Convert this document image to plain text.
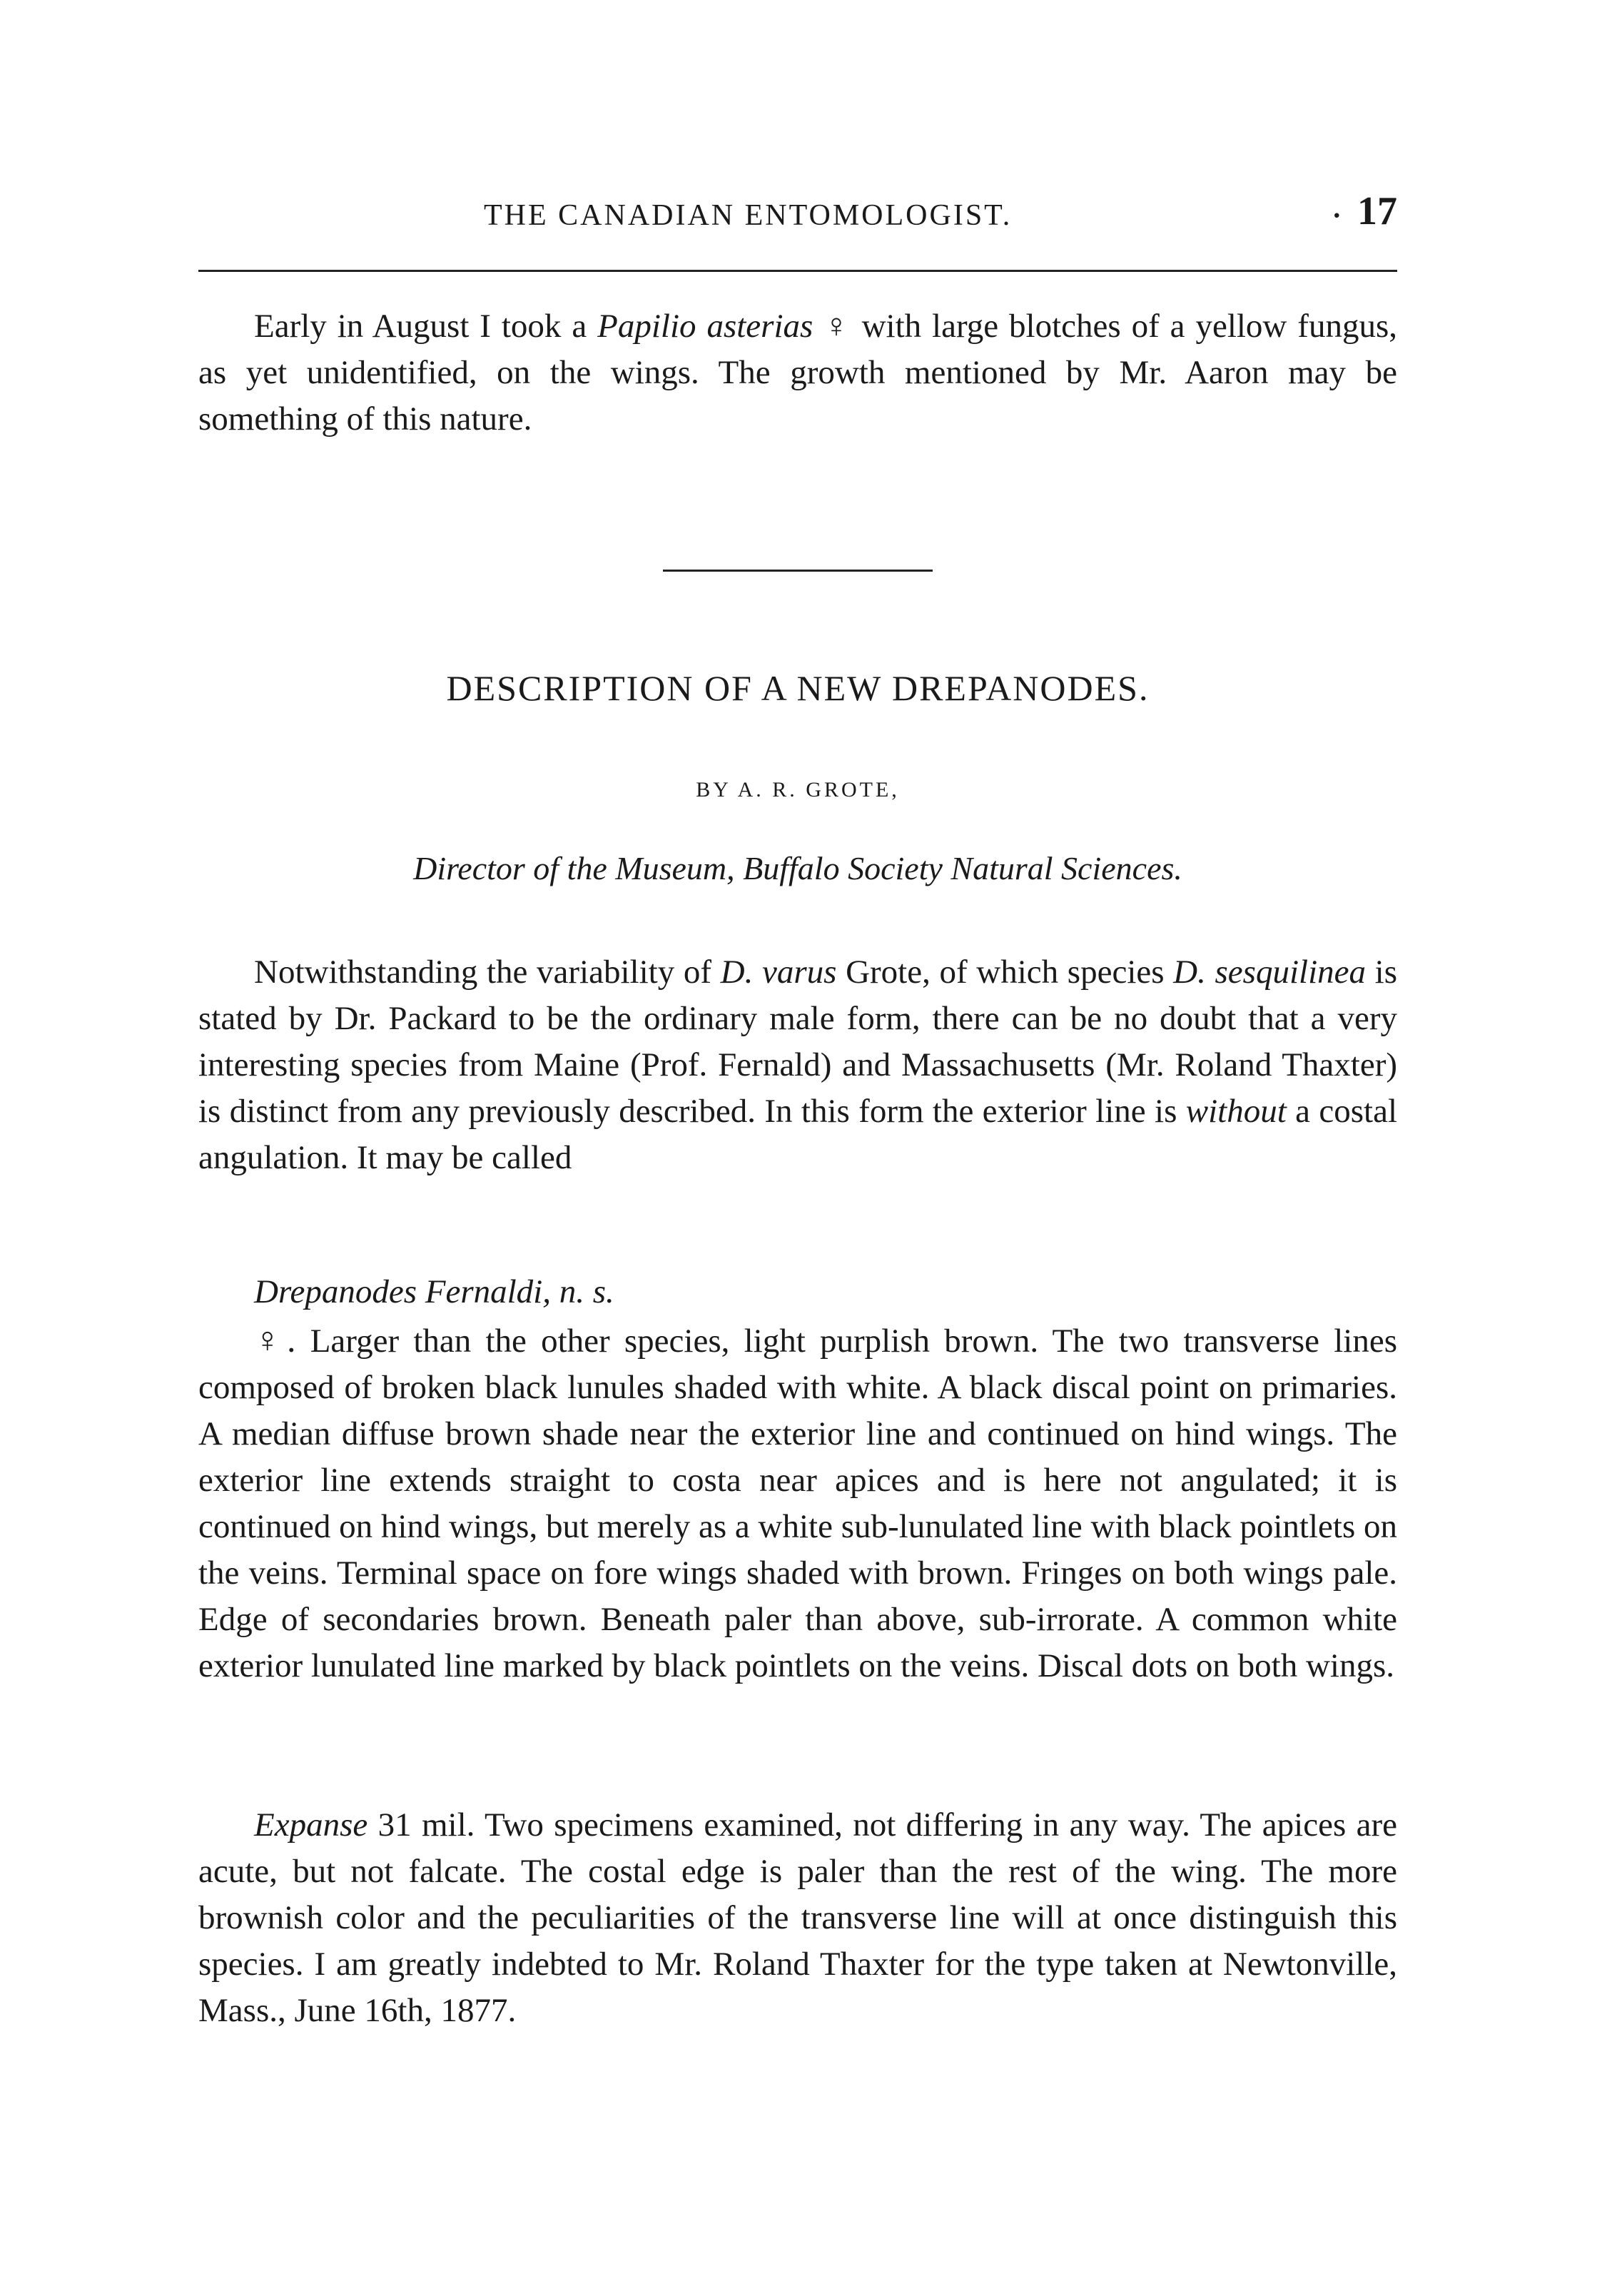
THE CANADIAN ENTOMOLOGIST.	· 17

Early in August I took a Papilio asterias ♀ with large blotches of a yellow fungus, as yet unidentified, on the wings. The growth mentioned by Mr. Aaron may be something of this nature.

DESCRIPTION OF A NEW DREPANODES.
BY A. R. GROTE,
Director of the Museum, Buffalo Society Natural Sciences.

Notwithstanding the variability of D. varus Grote, of which species D. sesquilinea is stated by Dr. Packard to be the ordinary male form, there can be no doubt that a very interesting species from Maine (Prof. Fernald) and Massachusetts (Mr. Roland Thaxter) is distinct from any previously described. In this form the exterior line is without a costal angulation. It may be called

Drepanodes Fernaldi, n. s.

♀. Larger than the other species, light purplish brown. The two transverse lines composed of broken black lunules shaded with white. A black discal point on primaries. A median diffuse brown shade near the exterior line and continued on hind wings. The exterior line extends straight to costa near apices and is here not angulated; it is continued on hind wings, but merely as a white sub-lunulated line with black pointlets on the veins. Terminal space on fore wings shaded with brown. Fringes on both wings pale. Edge of secondaries brown. Beneath paler than above, sub-irrorate. A common white exterior lunulated line marked by black pointlets on the veins. Discal dots on both wings.

Expanse 31 mil. Two specimens examined, not differing in any way. The apices are acute, but not falcate. The costal edge is paler than the rest of the wing. The more brownish color and the peculiarities of the transverse line will at once distinguish this species. I am greatly indebted to Mr. Roland Thaxter for the type taken at Newtonville, Mass., June 16th, 1877.
